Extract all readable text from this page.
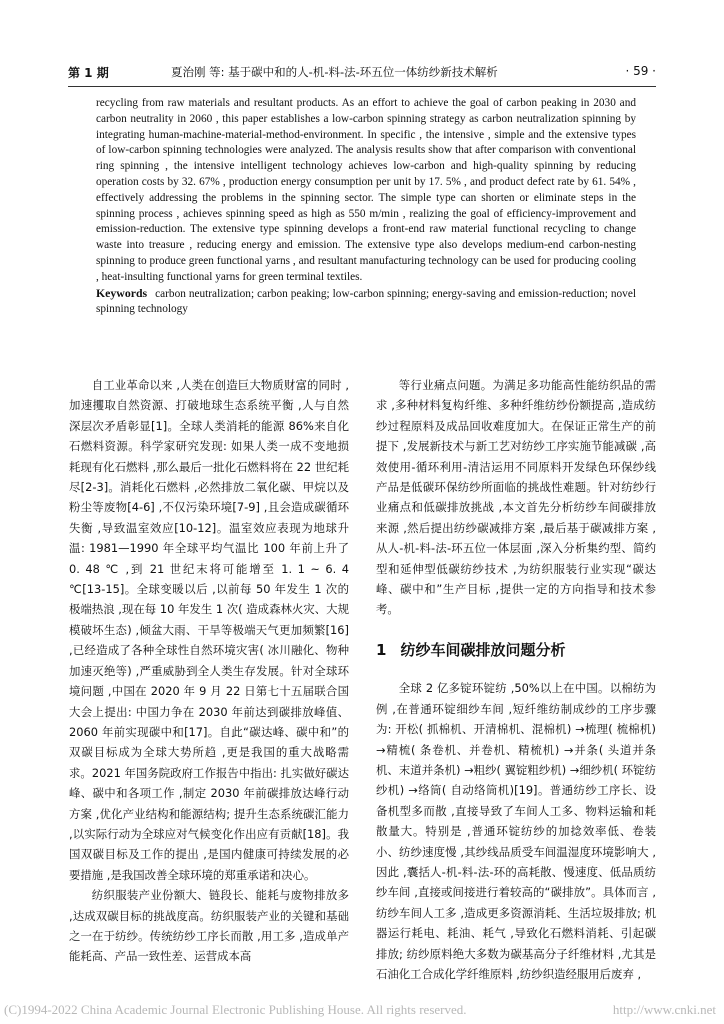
第 1 期	夏治刚 等: 基于碳中和的人-机-料-法-环五位一体纺纱新技术解析	· 59 ·

recycling from raw materials and resultant products. As an effort to achieve the goal of carbon peaking in 2030 and carbon neutrality in 2060 , this paper establishes a low-carbon spinning strategy as carbon neutralization spinning by integrating human-machine-material-method-environment. In specific , the intensive , simple and the extensive types of low-carbon spinning technologies were analyzed. The analysis results show that after comparison with conventional ring spinning , the intensive intelligent technology achieves low-carbon and high-quality spinning by reducing operation costs by 32. 67% , production energy consumption per unit by 17. 5% , and product defect rate by 61. 54% , effectively addressing the problems in the spinning sector. The simple type can shorten or eliminate steps in the spinning process , achieves spinning speed as high as 550 m/min , realizing the goal of efficiency-improvement and emission-reduction. The extensive type spinning develops a front-end raw material functional recycling to change waste into treasure , reducing energy and emission. The extensive type also develops medium-end carbon-nesting spinning to produce green functional yarns , and resultant manufacturing technology can be used for producing cooling , heat-insulting functional yarns for green terminal textiles.

Keywords carbon neutralization; carbon peaking; low-carbon spinning; energy-saving and emission-reduction; novel spinning technology

自工业革命以来 ,人类在创造巨大物质财富的同时 ,加速攫取自然资源、打破地球生态系统平衡 ,人与自然深层次矛盾彰显[1]。全球人类消耗的能源 86%来自化石燃料资源。科学家研究发现: 如果人类一成不变地损耗现有化石燃料 ,那么最后一批化石燃料将在 22 世纪耗尽[2-3]。消耗化石燃料 ,必然排放二氧化碳、甲烷以及粉尘等废物[4-6] ,不仅污染环境[7-9] ,且会造成碳循环失衡 ,导致温室效应[10-12]。温室效应表现为地球升温: 1981—1990 年全球平均气温比 100 年前上升了 0. 48 ℃ ,到 21 世纪末将可能增至 1. 1 ~ 6. 4 ℃[13-15]。全球变暖以后 ,以前每 50 年发生 1 次的极端热浪 ,现在每 10 年发生 1 次( 造成森林火灾、大规模破坏生态) ,倾盆大雨、干旱等极端天气更加频繁[16] ,已经造成了各种全球性自然环境灾害( 冰川融化、物种加速灭绝等) ,严重威胁到全人类生存发展。针对全球环境问题 ,中国在 2020 年 9 月 22 日第七十五届联合国大会上提出: 中国力争在 2030 年前达到碳排放峰值、2060 年前实现碳中和[17]。自此“碳达峰、碳中和”的双碳目标成为全球大势所趋 ,更是我国的重大战略需求。2021 年国务院政府工作报告中指出: 扎实做好碳达峰、碳中和各项工作 ,制定 2030 年前碳排放达峰行动方案 ,优化产业结构和能源结构; 提升生态系统碳汇能力 ,以实际行动为全球应对气候变化作出应有贡献[18]。我国双碳目标及工作的提出 ,是国内健康可持续发展的必要措施 ,是我国改善全球环境的郑重承诺和决心。

纺织服装产业份额大、链段长、能耗与废物排放多 ,达成双碳目标的挑战度高。纺织服装产业的关键和基础之一在于纺纱。传统纺纱工序长而散 ,用工多 ,造成单产能耗高、产品一致性差、运营成本高

等行业痛点问题。为满足多功能高性能纺织品的需求 ,多种材料复构纤维、多种纤维纺纱份额提高 ,造成纺纱过程原料及成品回收难度加大。在保证正常生产的前提下 ,发展新技术与新工艺对纺纱工序实施节能减碳 ,高效使用-循环利用-清洁运用不同原料开发绿色环保纱线产品是低碳环保纺纱所面临的挑战性难题。针对纺纱行业痛点和低碳排放挑战 ,本文首先分析纺纱车间碳排放来源 ,然后提出纺纱碳减排方案 ,最后基于碳减排方案 ,从人-机-料-法-环五位一体层面 ,深入分析集约型、简约型和延伸型低碳纺纱技术 ,为纺织服装行业实现“碳达峰、碳中和”生产目标 ,提供一定的方向指导和技术参考。

1 纺纱车间碳排放问题分析

全球 2 亿多锭环锭纺 ,50%以上在中国。以棉纺为例 ,在普通环锭细纱车间 ,短纤维纺制成纱的工序步骤为: 开松( 抓棉机、开清棉机、混棉机) →梳理( 梳棉机) →精梳( 条卷机、并卷机、精梳机) →并条( 头道并条机、末道并条机) →粗纱( 翼锭粗纱机) →细纱机( 环锭纺纱机) →络筒( 自动络筒机)[19]。普通纺纱工序长、设备机型多而散 ,直接导致了车间人工多、物料运输和耗散量大。特别是 ,普通环锭纺纱的加捻效率低、卷装小、纺纱速度慢 ,其纱线品质受车间温湿度环境影响大 ,因此 ,囊括人-机-料-法-环的高耗散、慢速度、低品质纺纱车间 ,直接或间接进行着较高的“碳排放”。具体而言 ,纺纱车间人工多 ,造成更多资源消耗、生活垃圾排放; 机器运行耗电、耗油、耗气 ,导致化石燃料消耗、引起碳排放; 纺纱原料绝大多数为碳基高分子纤维材料 ,尤其是石油化工合成化学纤维原料 ,纺纱织造经服用后废弃 ,

(C)1994-2022 China Academic Journal Electronic Publishing House. All rights reserved.	http://www.cnki.net
